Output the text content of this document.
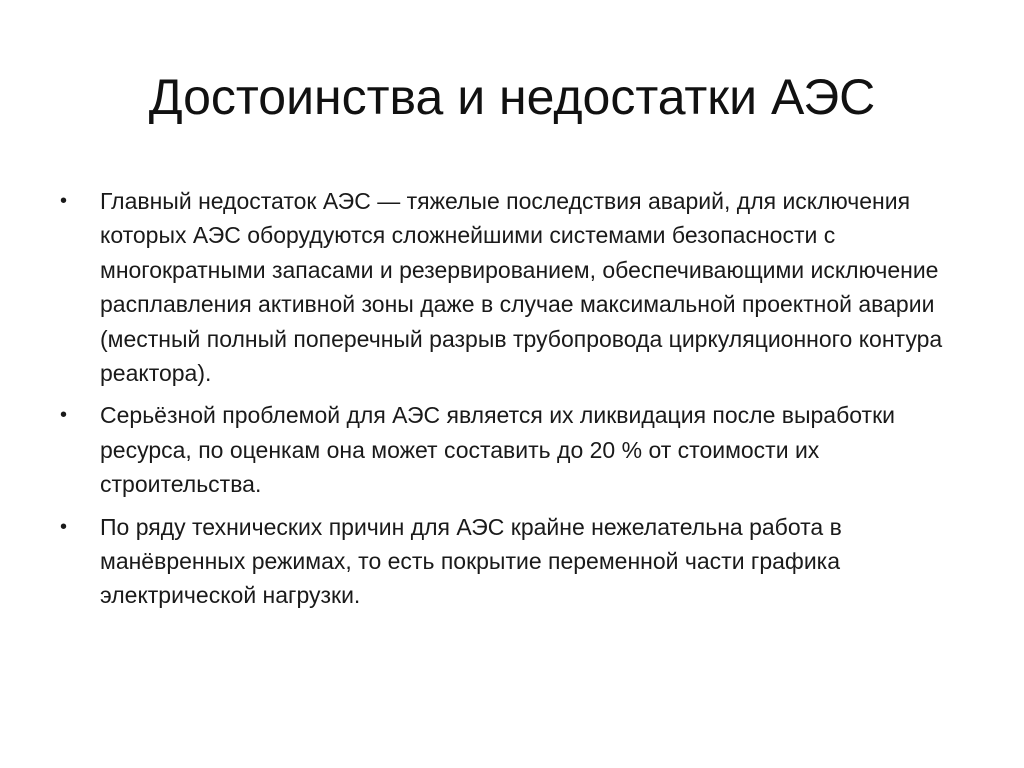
Достоинства и недостатки АЭС
• Главный недостаток АЭС — тяжелые последствия аварий, для исключения которых АЭС оборудуются сложнейшими системами безопасности с многократными запасами и резервированием, обеспечивающими исключение расплавления активной зоны даже в случае максимальной проектной аварии (местный полный поперечный разрыв трубопровода циркуляционного контура реактора).
• Серьёзной проблемой для АЭС является их ликвидация после выработки ресурса, по оценкам она может составить до 20 % от стоимости их строительства.
• По ряду технических причин для АЭС крайне нежелательна работа в манёвренных режимах, то есть покрытие переменной части графика электрической нагрузки.
